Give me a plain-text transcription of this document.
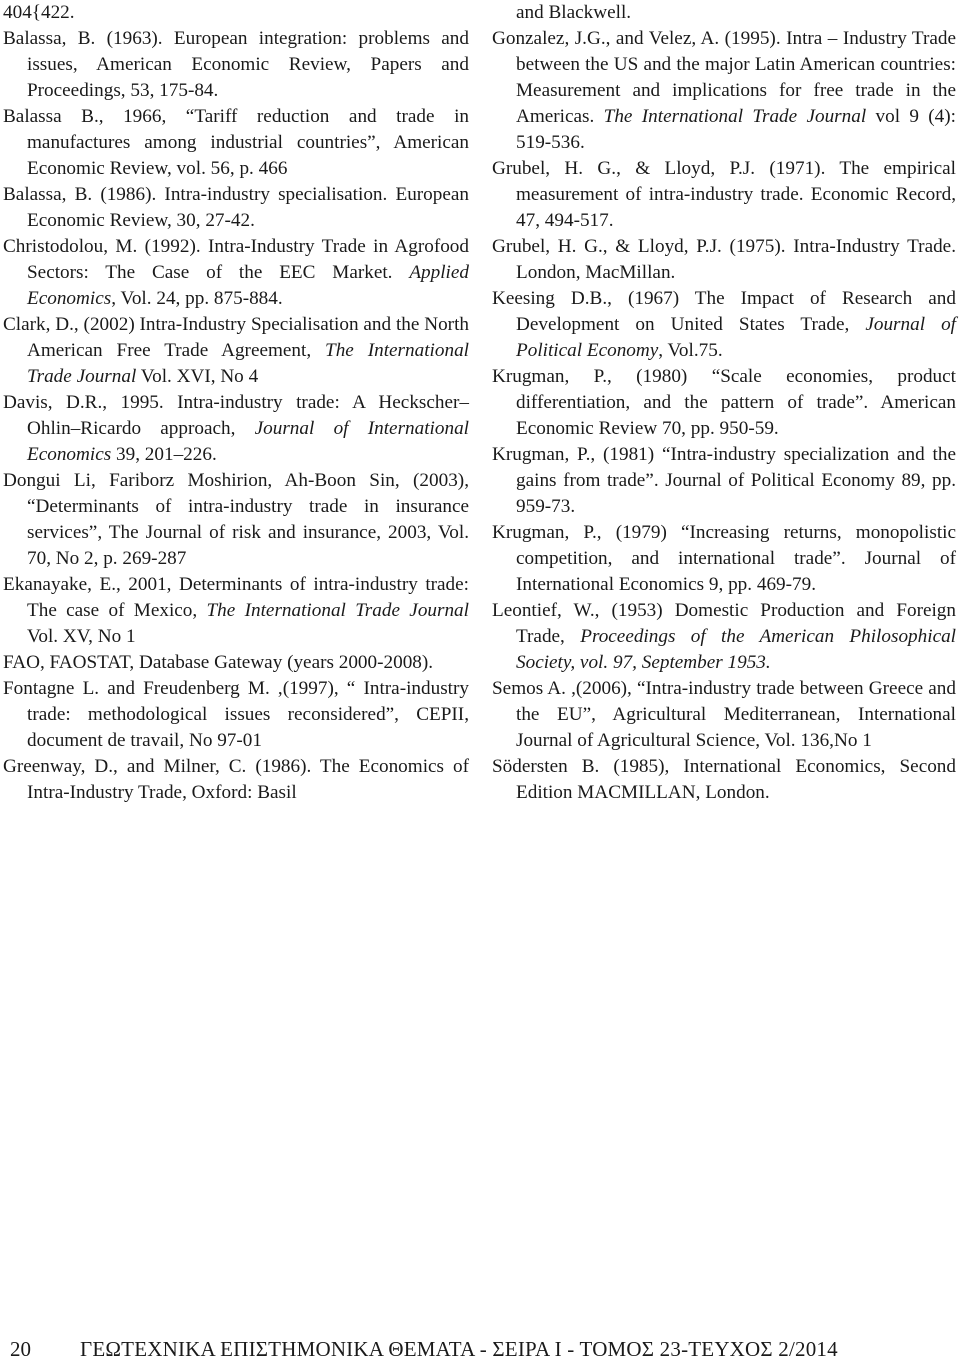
404{422.

Balassa, B. (1963). European integration: problems and issues, American Economic Review, Papers and Proceedings, 53, 175-84.

Balassa B., 1966, “Tariff reduction and trade in manufactures among industrial countries”, American Economic Review, vol. 56, p. 466

Balassa, B. (1986). Intra-industry specialisation. European Economic Review, 30, 27-42.

Christodolou, M. (1992). Intra-Industry Trade in Agrofood Sectors: The Case of the EEC Market. Applied Economics, Vol. 24, pp. 875-884.

Clark, D., (2002) Intra-Industry Specialisation and the North American Free Trade Agreement, The International Trade Journal Vol. XVI, No 4

Davis, D.R., 1995. Intra-industry trade: A Heckscher–Ohlin–Ricardo approach, Journal of International Economics 39, 201–226.

Dongui Li, Fariborz Moshirion, Ah-Boon Sin, (2003), “Determinants of intra-industry trade in insurance services”, The Journal of risk and insurance, 2003, Vol. 70, No 2, p. 269-287

Ekanayake, E., 2001, Determinants of intra-industry trade: The case of Mexico, The International Trade Journal Vol. XV, No 1

FAO, FAOSTAT, Database Gateway (years 2000-2008).

Fontagne L. and Freudenberg M. ,(1997), “ Intra-industry trade: methodological issues reconsidered”, CEPII, document de travail, No 97-01

Greenway, D., and Milner, C. (1986). The Economics of Intra-Industry Trade, Oxford: Basil

and Blackwell.

Gonzalez, J.G., and Velez, A. (1995). Intra – Industry Trade between the US and the major Latin American countries: Measurement and implications for free trade in the Americas. The International Trade Journal vol 9 (4): 519-536.

Grubel, H. G., & Lloyd, P.J. (1971). The empirical measurement of intra-industry trade. Economic Record, 47, 494-517.

Grubel, H. G., & Lloyd, P.J. (1975). Intra-Industry Trade. London, MacMillan.

Keesing D.B., (1967) The Impact of Research and Development on United States Trade, Journal of Political Economy, Vol.75.

Krugman, P., (1980) “Scale economies, product differentiation, and the pattern of trade”. American Economic Review 70, pp. 950-59.

Krugman, P., (1981) “Intra-industry specialization and the gains from trade”. Journal of Political Economy 89, pp. 959-73.

Krugman, P., (1979) “Increasing returns, monopolistic competition, and international trade”. Journal of International Economics 9, pp. 469-79.

Leontief, W., (1953) Domestic Production and Foreign Trade, Proceedings of the American Philosophical Society, vol. 97, September 1953.

Semos A. ,(2006), “Intra-industry trade between Greece and the EU”, Agricultural Mediterranean, International Journal of Agricultural Science, Vol. 136,No 1

Södersten B. (1985), International Economics, Second Edition MACMILLAN, London.

20 ΓΕΩΤΕΧΝΙΚΑ ΕΠΙΣΤΗΜΟΝΙΚΑ ΘΕΜΑΤΑ - ΣΕΙΡΑ Ι - ΤΟΜΟΣ 23-ΤΕΥΧΟΣ 2/2014
